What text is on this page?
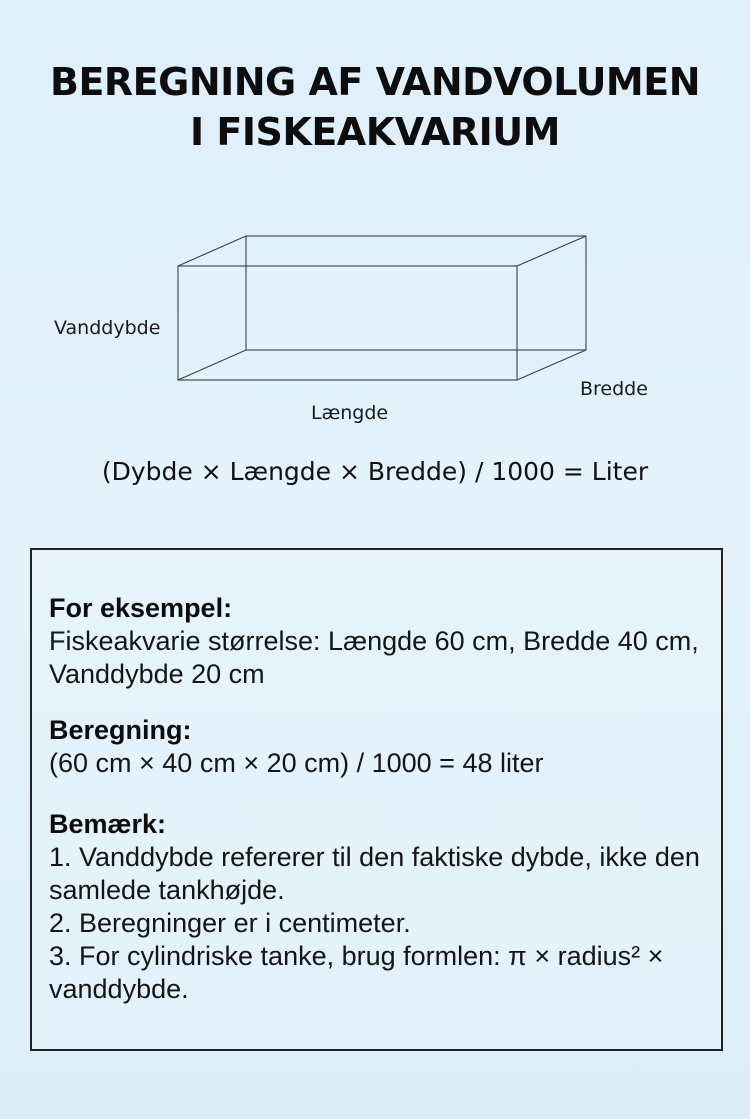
BEREGNING AF VANDVOLUMEN
I FISKEAKVARIUM
Vanddybde
Længde
Bredde
(Dybde × Længde × Bredde) / 1000 = Liter
For eksempel:
Fiskeakvarie størrelse: Længde 60 cm, Bredde 40 cm, Vanddybde 20 cm
Beregning:
(60 cm × 40 cm × 20 cm) / 1000 = 48 liter
Bemærk:
1. Vanddybde refererer til den faktiske dybde, ikke den samlede tankhøjde.
2. Beregninger er i centimeter.
3. For cylindriske tanke, brug formlen: π × radius² × vanddybde.
